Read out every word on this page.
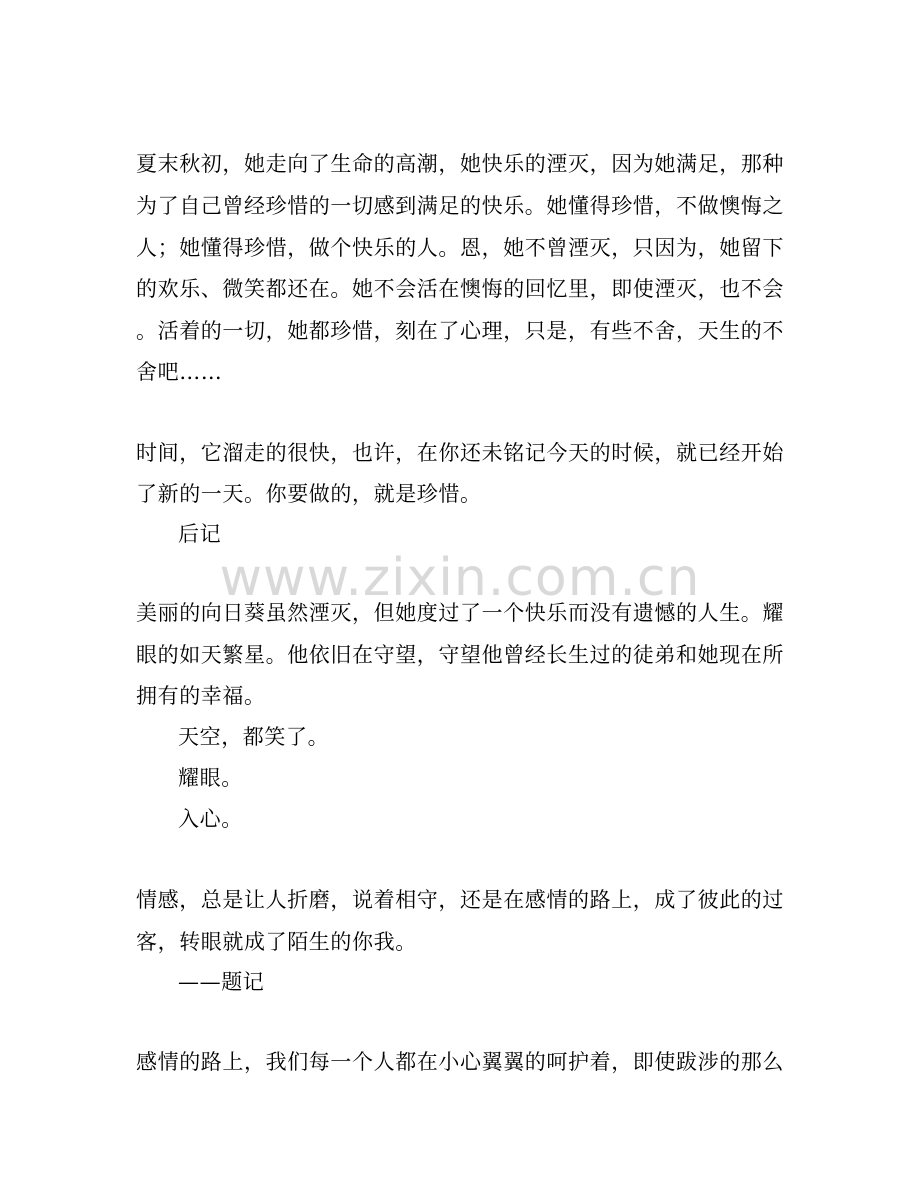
www.zixin.com.cn
夏末秋初，她走向了生命的高潮，她快乐的湮灭，因为她满足，那种
为了自己曾经珍惜的一切感到满足的快乐。她懂得珍惜，不做懊悔之
人；她懂得珍惜，做个快乐的人。恩，她不曾湮灭，只因为，她留下
的欢乐、微笑都还在。她不会活在懊悔的回忆里，即使湮灭，也不会
。活着的一切，她都珍惜，刻在了心理，只是，有些不舍，天生的不
舍吧……
时间，它溜走的很快，也许，在你还未铭记今天的时候，就已经开始
了新的一天。你要做的，就是珍惜。
后记
美丽的向日葵虽然湮灭，但她度过了一个快乐而没有遗憾的人生。耀
眼的如天繁星。他依旧在守望，守望他曾经长生过的徒弟和她现在所
拥有的幸福。
天空，都笑了。
耀眼。
入心。
情感，总是让人折磨，说着相守，还是在感情的路上，成了彼此的过
客，转眼就成了陌生的你我。
——题记
感情的路上，我们每一个人都在小心翼翼的呵护着，即使跋涉的那么
